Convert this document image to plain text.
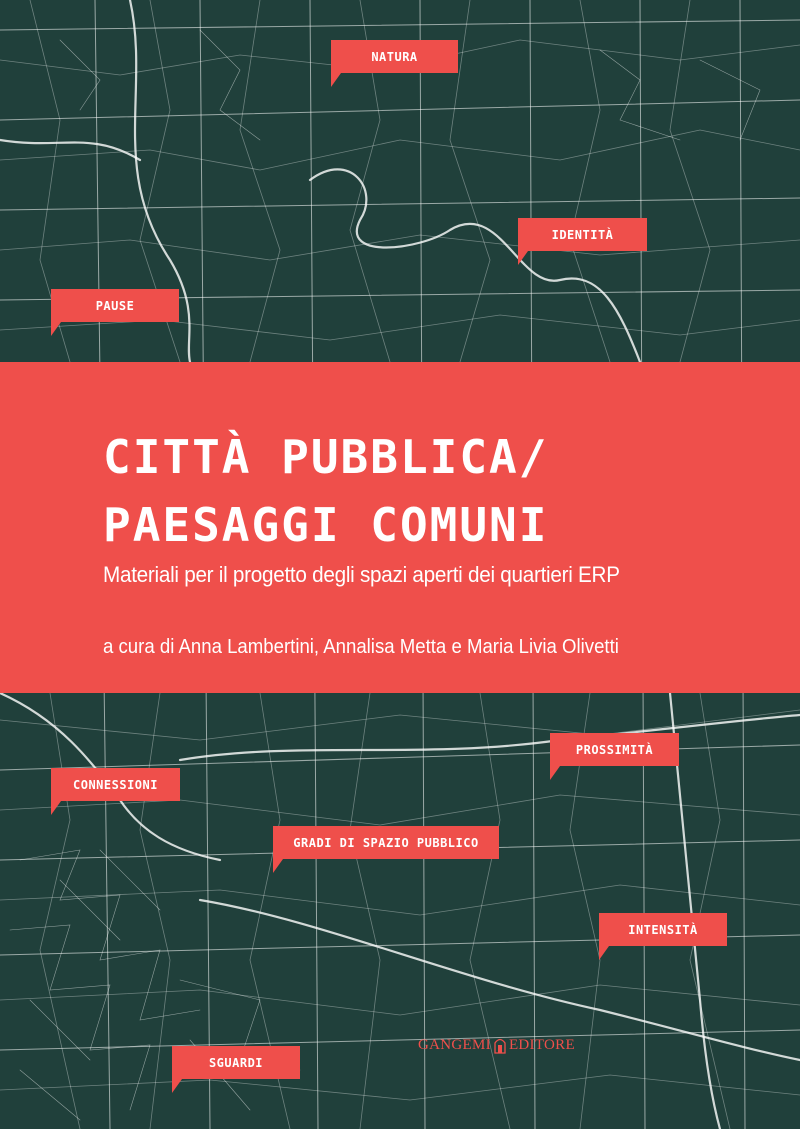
CITTÀ PUBBLICA/
PAESAGGI COMUNI
Materiali per il progetto degli spazi aperti dei quartieri ERP
a cura di Anna Lambertini, Annalisa Metta e Maria Livia Olivetti
NATURA
IDENTITÀ
PAUSE
PROSSIMITÀ
CONNESSIONI
GRADI DI SPAZIO PUBBLICO
INTENSITÀ
SGUARDI
GANGEMI EDITORE
